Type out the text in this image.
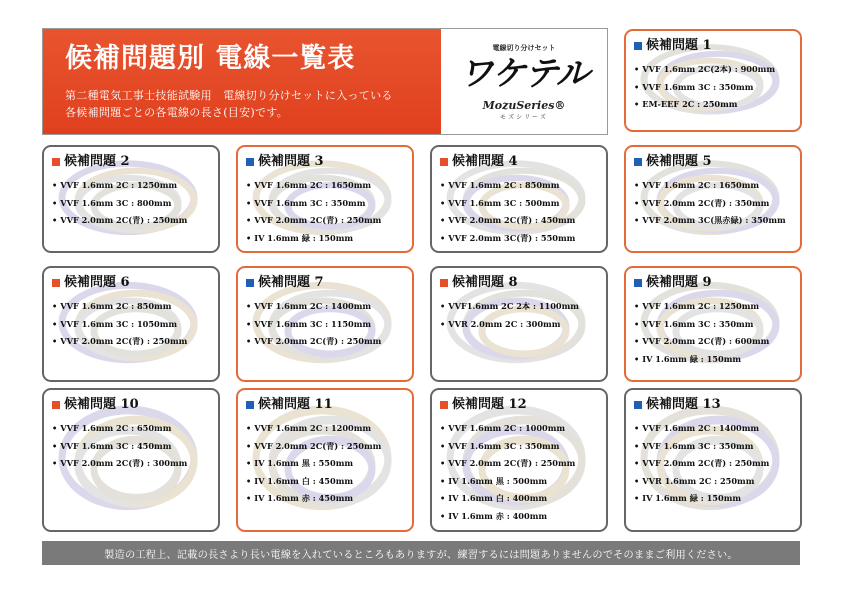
候補問題別 電線一覧表
第二種電気工事士技能試験用　電線切り分けセットに入っている
各候補問題ごとの各電線の長さ(目安)です。
電線切り分けセット
ワケテル
MozuSeries®
モズシリーズ
候補問題 1
• VVF 1.6mm 2C(2本) : 900mm
• VVF 1.6mm 3C : 350mm
• EM-EEF 2C : 250mm
候補問題 2
• VVF 1.6mm 2C : 1250mm
• VVF 1.6mm 3C : 800mm
• VVF 2.0mm 2C(青) : 250mm
候補問題 3
• VVF 1.6mm 2C : 1650mm
• VVF 1.6mm 3C : 350mm
• VVF 2.0mm 2C(青) : 250mm
• IV 1.6mm 緑 : 150mm
候補問題 4
• VVF 1.6mm 2C : 850mm
• VVF 1.6mm 3C : 500mm
• VVF 2.0mm 2C(青) : 450mm
• VVF 2.0mm 3C(青) : 550mm
候補問題 5
• VVF 1.6mm 2C : 1650mm
• VVF 2.0mm 2C(青) : 350mm
• VVF 2.0mm 3C(黒赤緑) : 350mm
候補問題 6
• VVF 1.6mm 2C : 850mm
• VVF 1.6mm 3C : 1050mm
• VVF 2.0mm 2C(青) : 250mm
候補問題 7
• VVF 1.6mm 2C : 1400mm
• VVF 1.6mm 3C : 1150mm
• VVF 2.0mm 2C(青) : 250mm
候補問題 8
• VVF1.6mm 2C 2本 : 1100mm
• VVR 2.0mm 2C : 300mm
候補問題 9
• VVF 1.6mm 2C : 1250mm
• VVF 1.6mm 3C : 350mm
• VVF 2.0mm 2C(青) : 600mm
• IV 1.6mm 緑 : 150mm
候補問題 10
• VVF 1.6mm 2C : 650mm
• VVF 1.6mm 3C : 450mm
• VVF 2.0mm 2C(青) : 300mm
候補問題 11
• VVF 1.6mm 2C : 1200mm
• VVF 2.0mm 2C(青) : 250mm
• IV 1.6mm 黒 : 550mm
• IV 1.6mm 白 : 450mm
• IV 1.6mm 赤 : 450mm
候補問題 12
• VVF 1.6mm 2C : 1000mm
• VVF 1.6mm 3C : 350mm
• VVF 2.0mm 2C(青) : 250mm
• IV 1.6mm 黒 : 500mm
• IV 1.6mm 白 : 400mm
• IV 1.6mm 赤 : 400mm
候補問題 13
• VVF 1.6mm 2C : 1400mm
• VVF 1.6mm 3C : 350mm
• VVF 2.0mm 2C(青) : 250mm
• VVR 1.6mm 2C : 250mm
• IV 1.6mm 緑 : 150mm
製造の工程上、記載の長さより長い電線を入れているところもありますが、練習するには問題ありませんのでそのままご利用ください。
